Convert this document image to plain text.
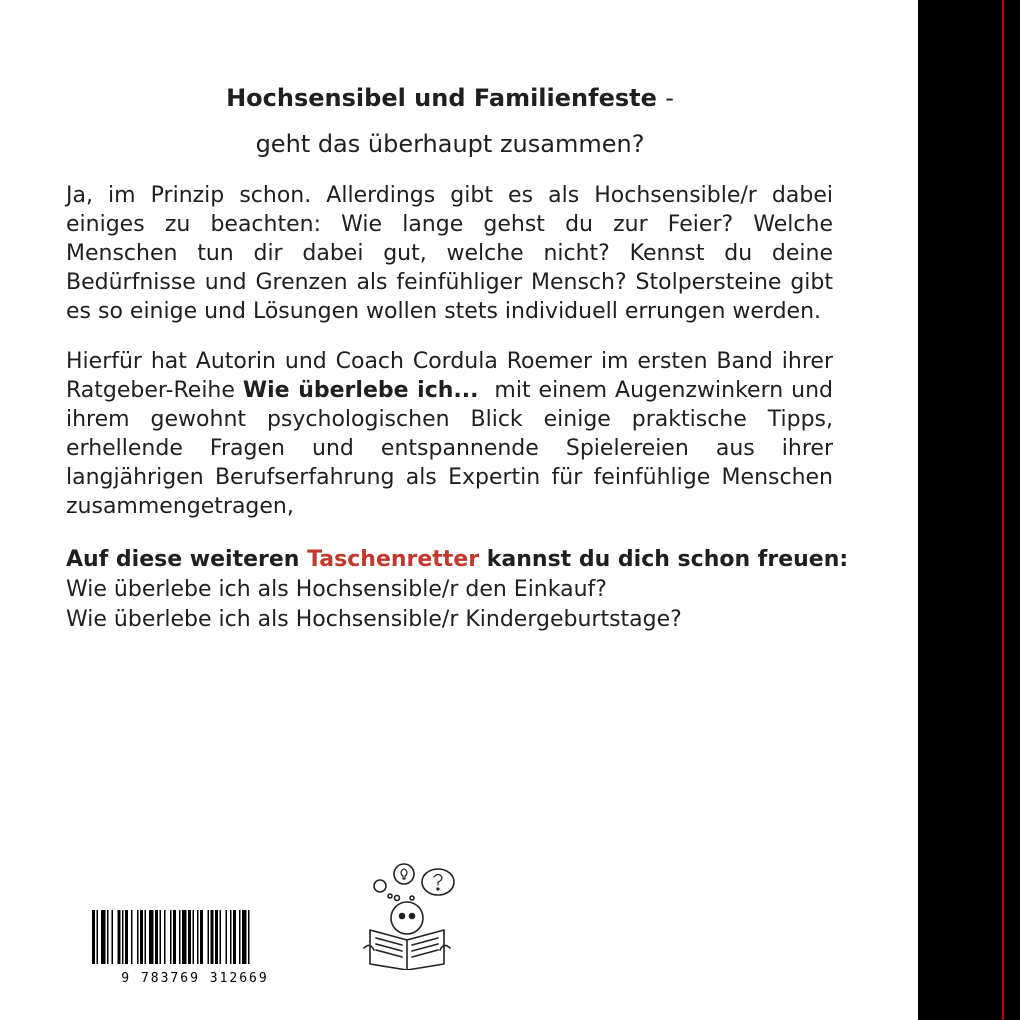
Hochsensibel und Familienfeste -
geht das überhaupt zusammen?

Ja, im Prinzip schon. Allerdings gibt es als Hochsensible/r dabei einiges zu beachten: Wie lange gehst du zur Feier? Welche Menschen tun dir dabei gut, welche nicht? Kennst du deine Bedürfnisse und Grenzen als feinfühliger Mensch? Stolpersteine gibt es so einige und Lösungen wollen stets individuell errungen werden.

Hierfür hat Autorin und Coach Cordula Roemer im ersten Band ihrer Ratgeber-Reihe Wie überlebe ich...  mit einem Augenzwinkern und ihrem gewohnt psychologischen Blick einige praktische Tipps, erhellende Fragen und entspannende Spielereien aus ihrer langjährigen Berufserfahrung als Expertin für feinfühlige Menschen zusammengetragen,

Auf diese weiteren Taschenretter kannst du dich schon freuen:
Wie überlebe ich als Hochsensible/r den Einkauf?
Wie überlebe ich als Hochsensible/r Kindergeburtstage?
9 783769 312669
